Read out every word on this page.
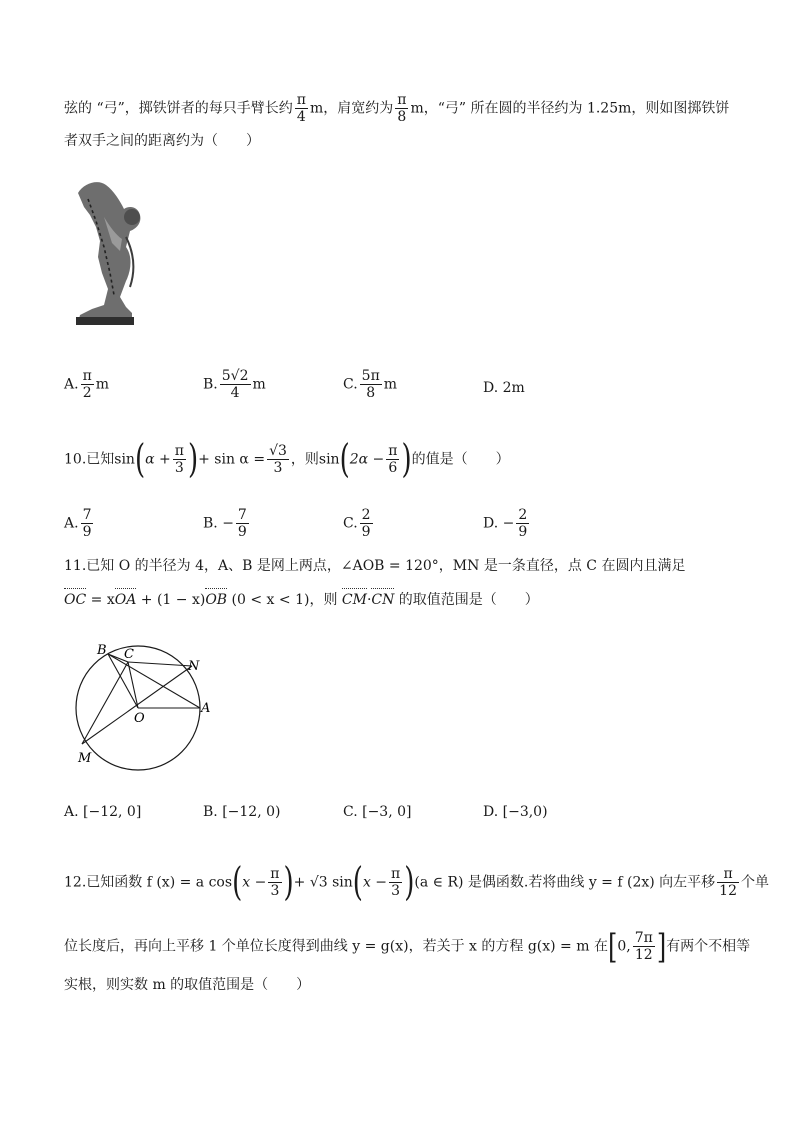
弦的 “弓”，掷铁饼者的每只手臂长约 $\frac{\pi}{4}$ m，肩宽约为 $\frac{\pi}{8}$ m，“弓” 所在圆的半径约为 1.25m，则如图掷铁饼
者双手之间的距离约为（　　）
A. $\frac{\pi}{2}$ m	B. $\frac{5√2}{4}$ m	C. $\frac{5\pi}{8}$ m	D. 2m
10.已知$\sin(\alpha + \frac{\pi}{3}$ )+ $\sin \alpha = \frac{√3}{3}$ ，则$\sin(2\alpha - \frac{\pi}{6}$ )的值是（　　）
A. $\frac{7}{9}$	B. − $\frac{7}{9}$	C. $\frac{2}{9}$	D. − $\frac{2}{9}$
11.已知 O 的半径为 4，A、B 是网上两点，∠AOB = 120°，MN 是一条直径，点 C 在圆内且满足
OC = xOA + (1 − x)OB (0 < x < 1)，则 CM·CN 的取值范围是（　　）
B C
N
O
A
M
A. [−12, 0]	B. [−12, 0)	C. [−3, 0]	D. [−3,0)
12.已知函数 f (x) = a $\cos(x - \frac{\pi}{3}$ )+ √3 $\sin(x - \frac{\pi}{3} )(a$ ∈ R) 是偶函数.若将曲线 y = f (2x) 向左平移 $\frac{\pi}{12}$ 个单
位长度后，再向上平移 1 个单位长度得到曲线 y = g(x)，若关于 x 的方程 g(x) = m 在[0, $\frac{7\pi}{12}$ ]有两个不相等
实根，则实数 m 的取值范围是（　　）
